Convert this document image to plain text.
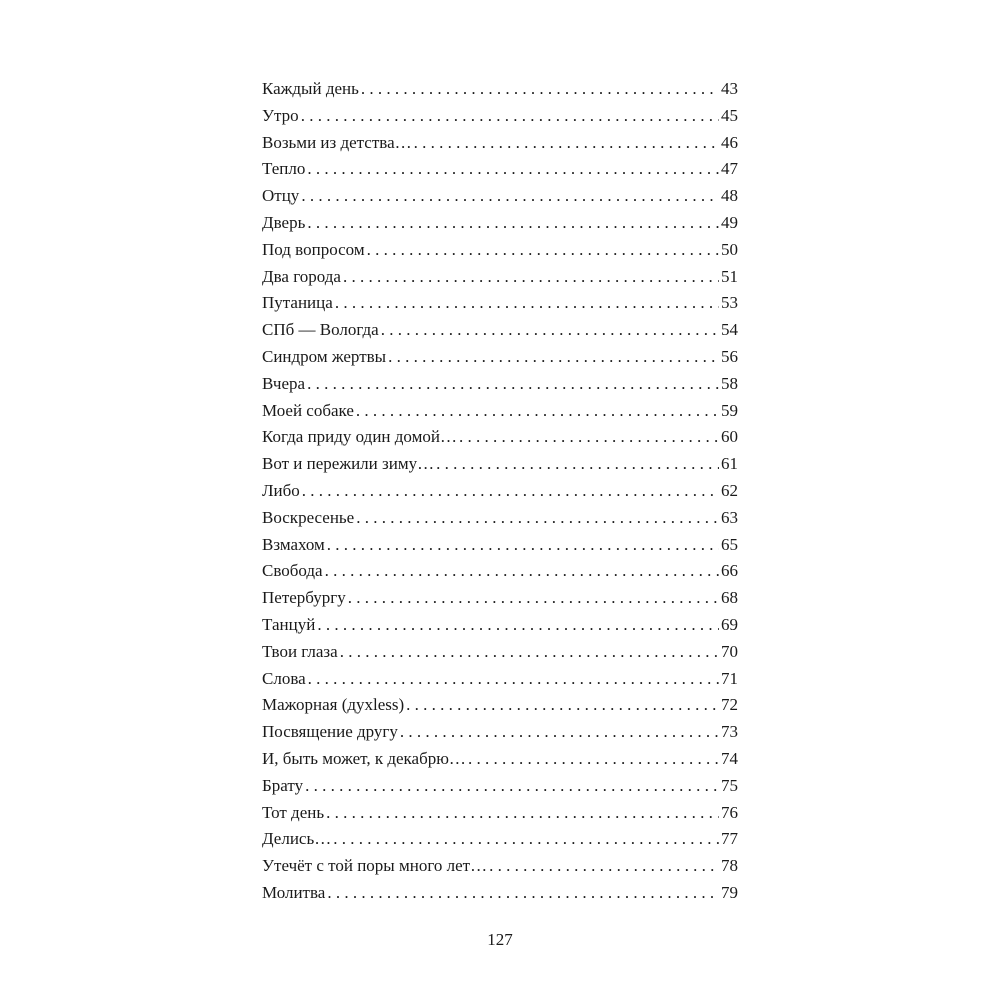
Каждый день . . .	43
Утро . . .	45
Возьми из детства… . . .	46
Тепло . . .	47
Отцу . . .	48
Дверь . . .	49
Под вопросом . . .	50
Два города . . .	51
Путаница . . .	53
СПб — Вологда . . .	54
Синдром жертвы . . .	56
Вчера . . .	58
Моей собаке . . .	59
Когда приду один домой… . . .	60
Вот и пережили зиму… . . .	61
Либо . . .	62
Воскресенье . . .	63
Взмахом . . .	65
Свобода . . .	66
Петербургу . . .	68
Танцуй . . .	69
Твои глаза . . .	70
Слова . . .	71
Мажорная (духless) . . .	72
Посвящение другу . . .	73
И, быть может, к декабрю… . . .	74
Брату . . .	75
Тот день . . .	76
Делись… . . .	77
Утечёт с той поры много лет… . . .	78
Молитва . . .	79
127
